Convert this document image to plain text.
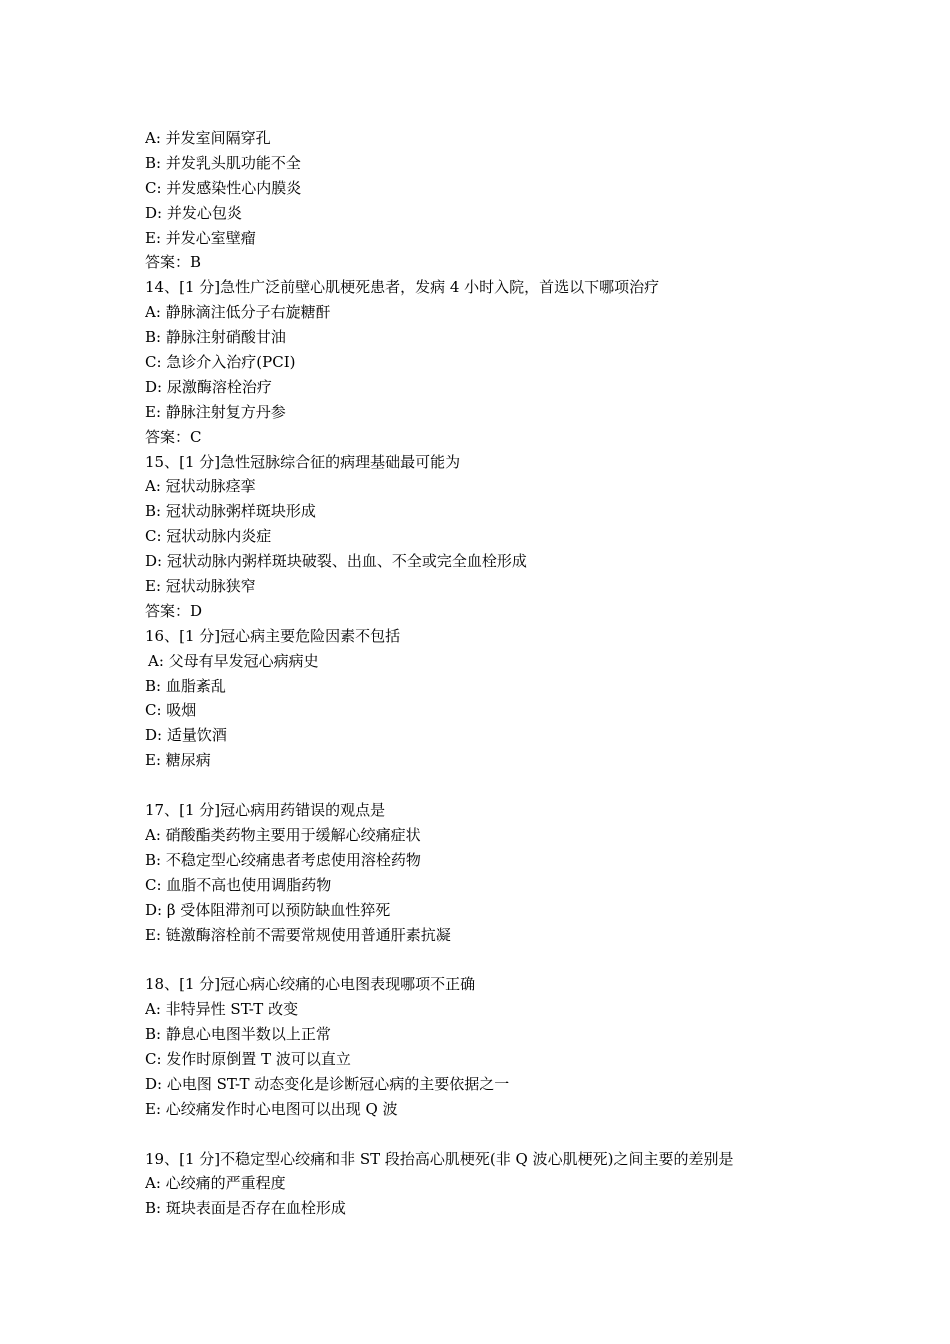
A: 并发室间隔穿孔
B: 并发乳头肌功能不全
C: 并发感染性心内膜炎
D: 并发心包炎
E: 并发心室壁瘤
答案：B
14、[1 分]急性广泛前壁心肌梗死患者，发病 4 小时入院，首选以下哪项治疗
A: 静脉滴注低分子右旋糖酐
B: 静脉注射硝酸甘油
C: 急诊介入治疗(PCI)
D: 尿激酶溶栓治疗
E: 静脉注射复方丹参
答案：C
15、[1 分]急性冠脉综合征的病理基础最可能为
A: 冠状动脉痉挛
B: 冠状动脉粥样斑块形成
C: 冠状动脉内炎症
D: 冠状动脉内粥样斑块破裂、出血、不全或完全血栓形成
E: 冠状动脉狭窄
答案：D
16、[1 分]冠心病主要危险因素不包括
A: 父母有早发冠心病病史
B: 血脂紊乱
C: 吸烟
D: 适量饮酒
E: 糖尿病

17、[1 分]冠心病用药错误的观点是
A: 硝酸酯类药物主要用于缓解心绞痛症状
B: 不稳定型心绞痛患者考虑使用溶栓药物
C: 血脂不高也使用调脂药物
D: β 受体阻滞剂可以预防缺血性猝死
E: 链激酶溶栓前不需要常规使用普通肝素抗凝

18、[1 分]冠心病心绞痛的心电图表现哪项不正确
A: 非特异性 ST-T 改变
B: 静息心电图半数以上正常
C: 发作时原倒置 T 波可以直立
D: 心电图 ST-T 动态变化是诊断冠心病的主要依据之一
E: 心绞痛发作时心电图可以出现 Q 波

19、[1 分]不稳定型心绞痛和非 ST 段抬高心肌梗死(非 Q 波心肌梗死)之间主要的差别是
A: 心绞痛的严重程度
B: 斑块表面是否存在血栓形成
